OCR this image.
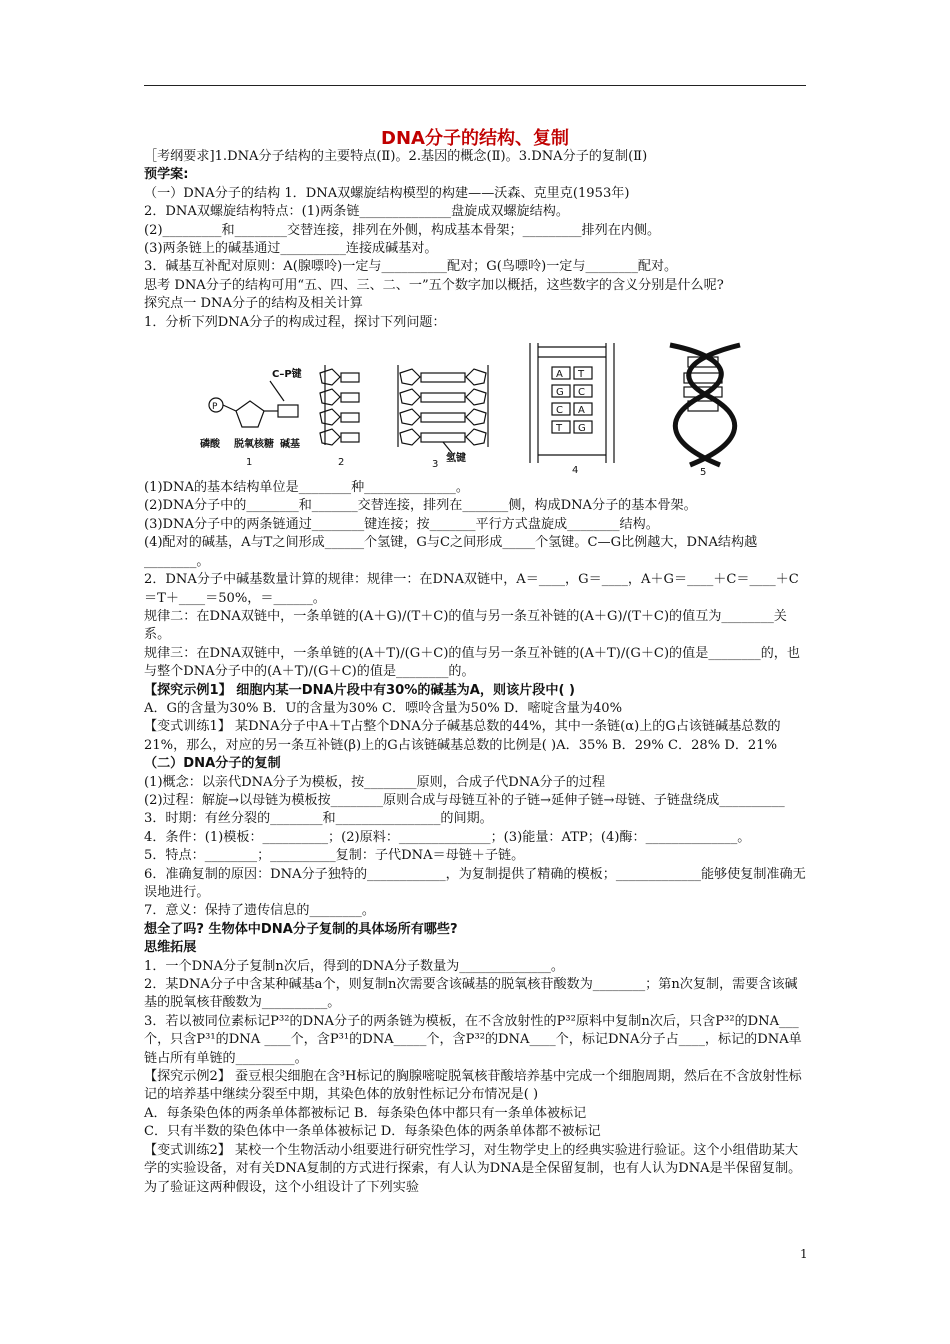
DNA分子的结构、复制

［考纲要求]1.DNA分子结构的主要特点(Ⅱ)。2.基因的概念(Ⅱ)。3.DNA分子的复制(Ⅱ)

预学案:

（一）DNA分子的结构 1．DNA双螺旋结构模型的构建——沃森、克里克(1953年)

2．DNA双螺旋结构特点：(1)两条链______________盘旋成双螺旋结构。

(2)_________和________交替连接，排列在外侧，构成基本骨架；_________排列在内侧。

(3)两条链上的碱基通过__________连接成碱基对。

3．碱基互补配对原则：A(腺嘌呤)一定与__________配对；G(鸟嘌呤)一定与________配对。

思考 DNA分子的结构可用“五、四、三、二、一”五个数字加以概括，这些数字的含义分别是什么呢?

探究点一 DNA分子的结构及相关计算

1．分析下列DNA分子的构成过程，探讨下列问题：

P
C–P键
磷酸 脱氧核糖 碱基
1	2	氢键
3
A T
G C
C A
T G
4	5

(1)DNA的基本结构单位是________种______________。

(2)DNA分子中的________和_______交替连接，排列在_______侧，构成DNA分子的基本骨架。

(3)DNA分子中的两条链通过________键连接；按_______平行方式盘旋成________结构。

(4)配对的碱基，A与T之间形成______个氢键，G与C之间形成_____个氢键。C—G比例越大，DNA结构越________。

2．DNA分子中碱基数量计算的规律：规律一：在DNA双链中，A＝____，G＝____，A＋G＝____＋C＝____＋C＝T＋____＝50%，＝______。

规律二：在DNA双链中，一条单链的(A＋G)/(T＋C)的值与另一条互补链的(A＋G)/(T＋C)的值互为________关系。

规律三：在DNA双链中，一条单链的(A＋T)/(G＋C)的值与另一条互补链的(A＋T)/(G＋C)的值是________的，也与整个DNA分子中的(A＋T)/(G＋C)的值是________的。

【探究示例1】 细胞内某一DNA片段中有30%的碱基为A，则该片段中( )

A．G的含量为30% B．U的含量为30% C．嘌呤含量为50% D．嘧啶含量为40%

【变式训练1】 某DNA分子中A＋T占整个DNA分子碱基总数的44%，其中一条链(α)上的G占该链碱基总数的21%，那么，对应的另一条互补链(β)上的G占该链碱基总数的比例是( )A．35% B．29% C．28% D．21%

（二）DNA分子的复制

(1)概念：以亲代DNA分子为模板，按________原则，合成子代DNA分子的过程

(2)过程：解旋→以母链为模板按________原则合成与母链互补的子链→延伸子链→母链、子链盘绕成__________

3．时期：有丝分裂的________和________________的间期。

4．条件：(1)模板：__________；(2)原料：______________；(3)能量：ATP；(4)酶：______________。

5．特点：________；__________复制：子代DNA＝母链＋子链。

6．准确复制的原因：DNA分子独特的____________，为复制提供了精确的模板；_____________能够使复制准确无误地进行。

7．意义：保持了遗传信息的________。

想全了吗? 生物体中DNA分子复制的具体场所有哪些?

思维拓展

1．一个DNA分子复制n次后，得到的DNA分子数量为______________。

2．某DNA分子中含某种碱基a个，则复制n次需要含该碱基的脱氧核苷酸数为________；第n次复制，需要含该碱基的脱氧核苷酸数为__________。

3．若以被同位素标记P³²的DNA分子的两条链为模板，在不含放射性的P³²原料中复制n次后，只含P³²的DNA___个，只含P³¹的DNA ____个，含P³¹的DNA_____个，含P³²的DNA____个，标记DNA分子占____，标记的DNA单链占所有单链的_________。

【探究示例2】 蚕豆根尖细胞在含³H标记的胸腺嘧啶脱氧核苷酸培养基中完成一个细胞周期，然后在不含放射性标记的培养基中继续分裂至中期，其染色体的放射性标记分布情况是( )

A．每条染色体的两条单体都被标记 B．每条染色体中都只有一条单体被标记

C．只有半数的染色体中一条单体被标记 D．每条染色体的两条单体都不被标记

【变式训练2】 某校一个生物活动小组要进行研究性学习，对生物学史上的经典实验进行验证。这个小组借助某大学的实验设备，对有关DNA复制的方式进行探索，有人认为DNA是全保留复制，也有人认为DNA是半保留复制。为了验证这两种假设，这个小组设计了下列实验

1
